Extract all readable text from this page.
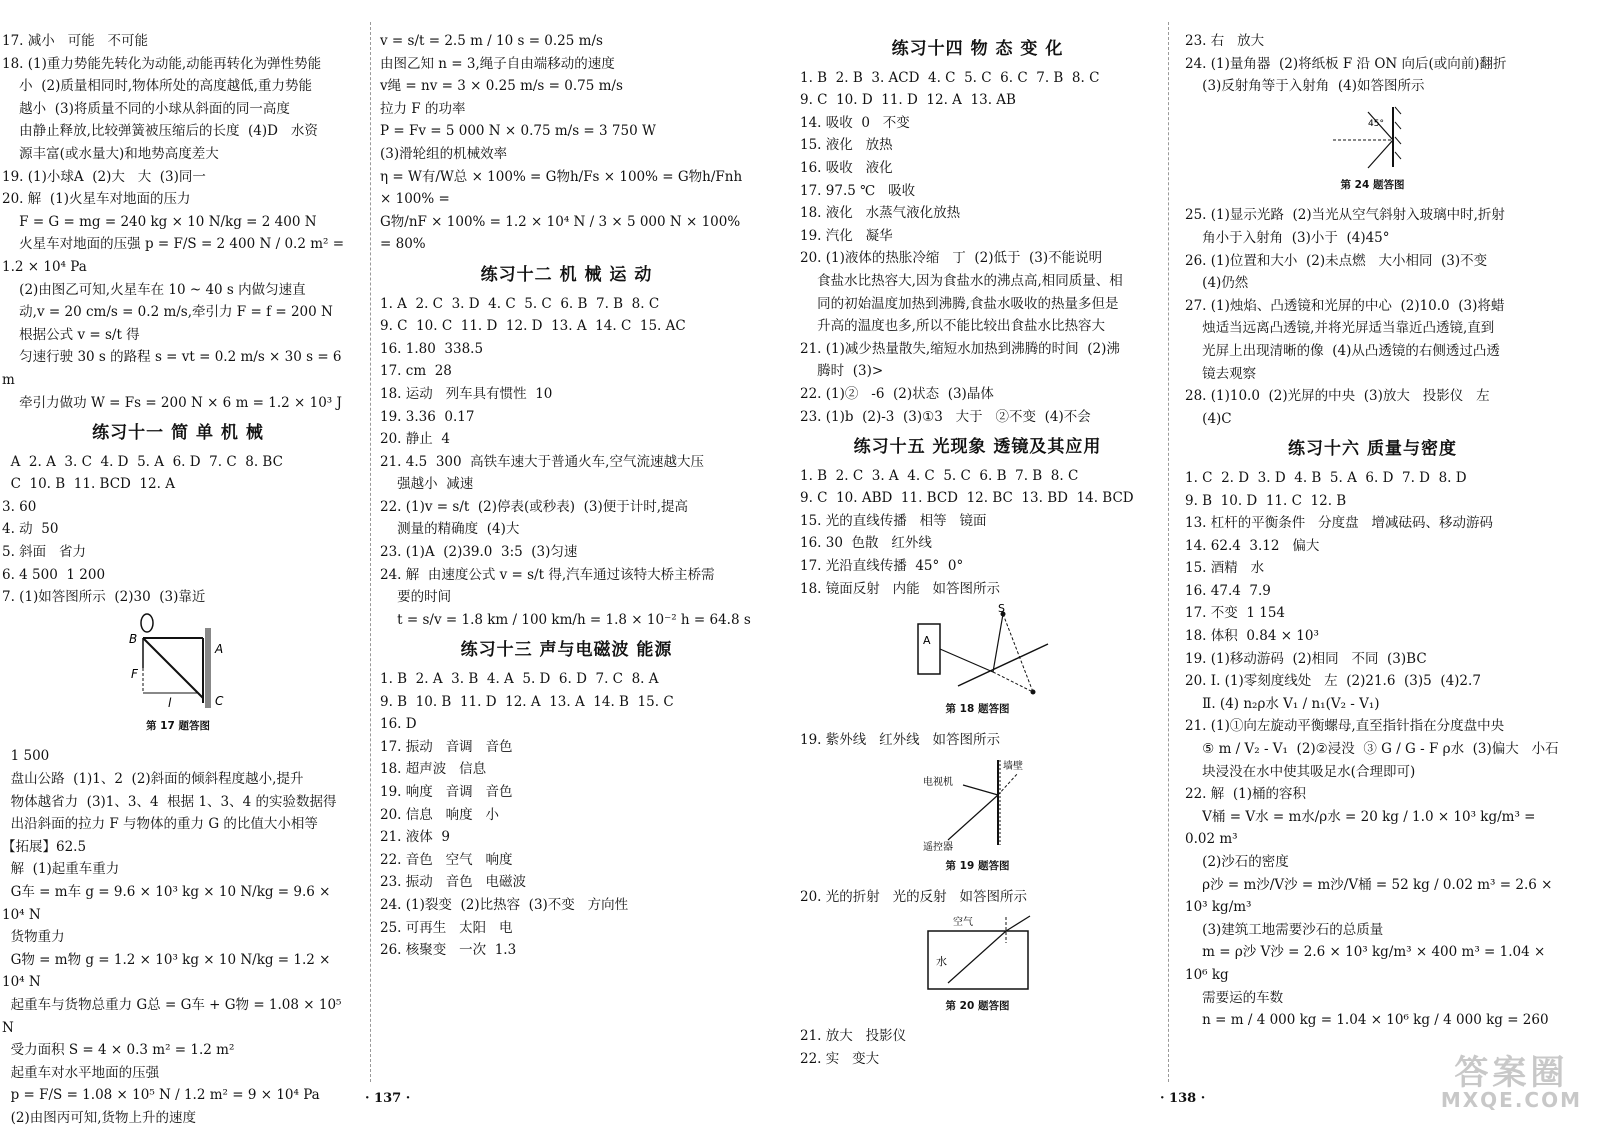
17. 减小   可能   不可能
18. (1)重力势能先转化为动能,动能再转化为弹性势能
小  (2)质量相同时,物体所处的高度越低,重力势能
越小  (3)将质量不同的小球从斜面的同一高度
由静止释放,比较弹簧被压缩后的长度  (4)D   水资
源丰富(或水量大)和地势高度差大
19. (1)小球A  (2)大   大  (3)同一
20. 解  (1)火星车对地面的压力
F = G = mg = 240 kg × 10 N/kg = 2 400 N
火星车对地面的压强 p = F/S = 2 400 N / 0.2 m² = 1.2 × 10⁴ Pa
(2)由图乙可知,火星车在 10 ~ 40 s 内做匀速直
动,v = 20 cm/s = 0.2 m/s,牵引力 F = f = 200 N
根据公式 v = s/t 得
匀速行驶 30 s 的路程 s = vt = 0.2 m/s × 30 s = 6 m
牵引力做功 W = Fs = 200 N × 6 m = 1.2 × 10³ J
练习十一 简 单 机 械
A  2. A  3. C  4. D  5. A  6. D  7. C  8. BC
C  10. B  11. BCD  12. A
3. 60
4. 动  50
5. 斜面   省力
6. 4 500  1 200
7. (1)如答图所示  (2)30  (3)靠近
B
A
F
C
l
第 17 题答图
1 500
盘山公路  (1)1、2  (2)斜面的倾斜程度越小,提升
物体越省力  (3)1、3、4  根据 1、3、4 的实验数据得
出沿斜面的拉力 F 与物体的重力 G 的比值大小相等
【拓展】62.5
解  (1)起重车重力
G车 = m车 g = 9.6 × 10³ kg × 10 N/kg = 9.6 × 10⁴ N
货物重力
G物 = m物 g = 1.2 × 10³ kg × 10 N/kg = 1.2 × 10⁴ N
起重车与货物总重力 G总 = G车 + G物 = 1.08 × 10⁵ N
受力面积 S = 4 × 0.3 m² = 1.2 m²
起重车对水平地面的压强
p = F/S = 1.08 × 10⁵ N / 1.2 m² = 9 × 10⁴ Pa
(2)由图丙可知,货物上升的速度
v = s/t = 2.5 m / 10 s = 0.25 m/s
由图乙知 n = 3,绳子自由端移动的速度
v绳 = nv = 3 × 0.25 m/s = 0.75 m/s
拉力 F 的功率
P = Fv = 5 000 N × 0.75 m/s = 3 750 W
(3)滑轮组的机械效率
η = W有/W总 × 100% = G物h/Fs × 100% = G物h/Fnh × 100% =
G物/nF × 100% = 1.2 × 10⁴ N / 3 × 5 000 N × 100% = 80%
练习十二 机 械 运 动
1. A  2. C  3. D  4. C  5. C  6. B  7. B  8. C
9. C  10. C  11. D  12. D  13. A  14. C  15. AC
16. 1.80  338.5
17. cm  28
18. 运动   列车具有惯性  10
19. 3.36  0.17
20. 静止  4
21. 4.5  300  高铁车速大于普通火车,空气流速越大压
强越小  减速
22. (1)v = s/t  (2)停表(或秒表)  (3)便于计时,提高
测量的精确度  (4)大
23. (1)A  (2)39.0  3:5  (3)匀速
24. 解  由速度公式 v = s/t 得,汽车通过该特大桥主桥需
要的时间
t = s/v = 1.8 km / 100 km/h = 1.8 × 10⁻² h = 64.8 s
练习十三 声与电磁波 能源
1. B  2. A  3. B  4. A  5. D  6. D  7. C  8. A
9. B  10. B  11. D  12. A  13. A  14. B  15. C
16. D
17. 振动   音调   音色
18. 超声波   信息
19. 响度   音调   音色
20. 信息   响度   小
21. 液体  9
22. 音色   空气   响度
23. 振动   音色   电磁波
24. (1)裂变  (2)比热容  (3)不变   方向性
25. 可再生   太阳   电
26. 核聚变   一次  1.3
· 137 ·
练习十四 物 态 变 化
1. B  2. B  3. ACD  4. C  5. C  6. C  7. B  8. C
9. C  10. D  11. D  12. A  13. AB
14. 吸收  0   不变
15. 液化   放热
16. 吸收   液化
17. 97.5 ℃   吸收
18. 液化   水蒸气液化放热
19. 汽化   凝华
20. (1)液体的热胀冷缩   丁  (2)低于  (3)不能说明
食盐水比热容大,因为食盐水的沸点高,相同质量、相
同的初始温度加热到沸腾,食盐水吸收的热量多但是
升高的温度也多,所以不能比较出食盐水比热容大
21. (1)减少热量散失,缩短水加热到沸腾的时间  (2)沸
腾时  (3)>
22. (1)②   -6  (2)状态  (3)晶体
23. (1)b  (2)-3  (3)①3   大于   ②不变  (4)不会
练习十五 光现象 透镜及其应用
1. B  2. C  3. A  4. C  5. C  6. B  7. B  8. C
9. C  10. ABD  11. BCD  12. BC  13. BD  14. BCD
15. 光的直线传播   相等   镜面
16. 30  色散   红外线
17. 光沿直线传播  45°  0°
18. 镜面反射   内能   如答图所示
A
S
第 18 题答图
19. 紫外线   红外线   如答图所示
墙壁
电视机
遥控器
第 19 题答图
20. 光的折射   光的反射   如答图所示
空气
水
第 20 题答图
21. 放大   投影仪
22. 实   变大
23. 右   放大
24. (1)量角器  (2)将纸板 F 沿 ON 向后(或向前)翻折
(3)反射角等于入射角  (4)如答图所示
45°
第 24 题答图
25. (1)显示光路  (2)当光从空气斜射入玻璃中时,折射
角小于入射角  (3)小于  (4)45°
26. (1)位置和大小  (2)未点燃   大小相同  (3)不变
(4)仍然
27. (1)烛焰、凸透镜和光屏的中心  (2)10.0  (3)将蜡
烛适当远离凸透镜,并将光屏适当靠近凸透镜,直到
光屏上出现清晰的像  (4)从凸透镜的右侧透过凸透
镜去观察
28. (1)10.0  (2)光屏的中央  (3)放大   投影仪   左
(4)C
练习十六 质量与密度
1. C  2. D  3. D  4. B  5. A  6. D  7. D  8. D
9. B  10. D  11. C  12. B
13. 杠杆的平衡条件   分度盘   增减砝码、移动游码
14. 62.4  3.12   偏大
15. 酒精   水
16. 47.4  7.9
17. 不变  1 154
18. 体积  0.84 × 10³
19. (1)移动游码  (2)相同   不同  (3)BC
20. Ⅰ. (1)零刻度线处   左  (2)21.6  (3)5  (4)2.7
Ⅱ. (4) n₂ρ水 V₁ / n₁(V₂ - V₁)
21. (1)①向左旋动平衡螺母,直至指针指在分度盘中央
⑤ m / V₂ - V₁  (2)②浸没  ③ G / G - F ρ水  (3)偏大   小石
块浸没在水中使其吸足水(合理即可)
22. 解  (1)桶的容积
V桶 = V水 = m水/ρ水 = 20 kg / 1.0 × 10³ kg/m³ = 0.02 m³
(2)沙石的密度
ρ沙 = m沙/V沙 = m沙/V桶 = 52 kg / 0.02 m³ = 2.6 × 10³ kg/m³
(3)建筑工地需要沙石的总质量
m = ρ沙 V沙 = 2.6 × 10³ kg/m³ × 400 m³ = 1.04 × 10⁶ kg
需要运的车数
n = m / 4 000 kg = 1.04 × 10⁶ kg / 4 000 kg = 260
· 138 ·
答案圈
MXQE.COM
